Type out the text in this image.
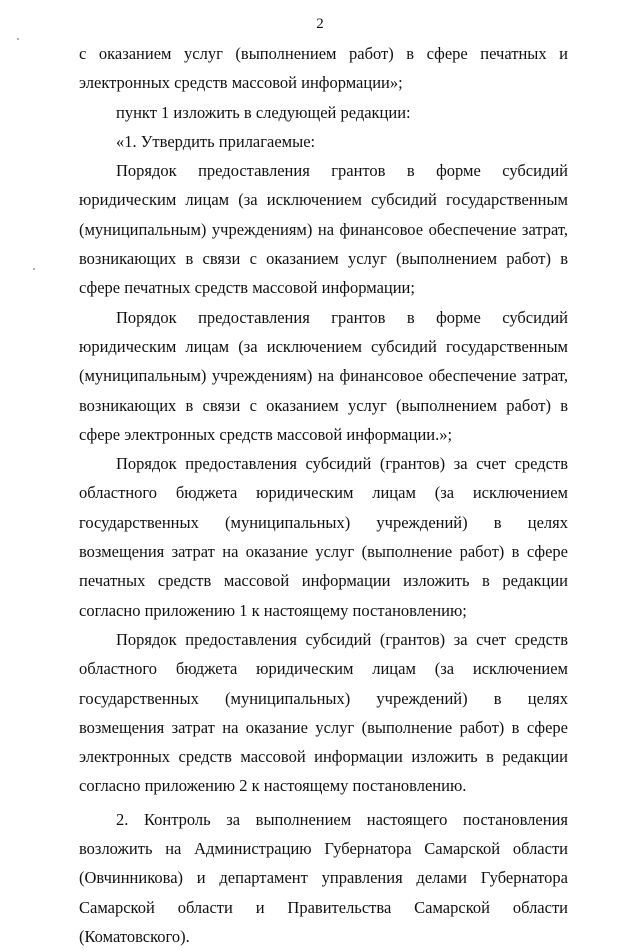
2

с оказанием услуг (выполнением работ) в сфере печатных и электронных средств массовой информации»;

пункт 1 изложить в следующей редакции:

«1. Утвердить прилагаемые:

Порядок предоставления грантов в форме субсидий юридическим лицам (за исключением субсидий государственным (муниципальным) учреждениям) на финансовое обеспечение затрат, возникающих в связи с оказанием услуг (выполнением работ) в сфере печатных средств массовой информации;

Порядок предоставления грантов в форме субсидий юридическим лицам (за исключением субсидий государственным (муниципальным) учреждениям) на финансовое обеспечение затрат, возникающих в связи с оказанием услуг (выполнением работ) в сфере электронных средств массовой информации.»;

Порядок предоставления субсидий (грантов) за счет средств областного бюджета юридическим лицам (за исключением государственных (муниципальных) учреждений) в целях возмещения затрат на оказание услуг (выполнение работ) в сфере печатных средств массовой информации изложить в редакции согласно приложению 1 к настоящему постановлению;

Порядок предоставления субсидий (грантов) за счет средств областного бюджета юридическим лицам (за исключением государственных (муниципальных) учреждений) в целях возмещения затрат на оказание услуг (выполнение работ) в сфере электронных средств массовой информации изложить в редакции согласно приложению 2 к настоящему постановлению.

2. Контроль за выполнением настоящего постановления возложить на Администрацию Губернатора Самарской области (Овчинникова) и департамент управления делами Губернатора Самарской области и Правительства Самарской области (Коматовского).
